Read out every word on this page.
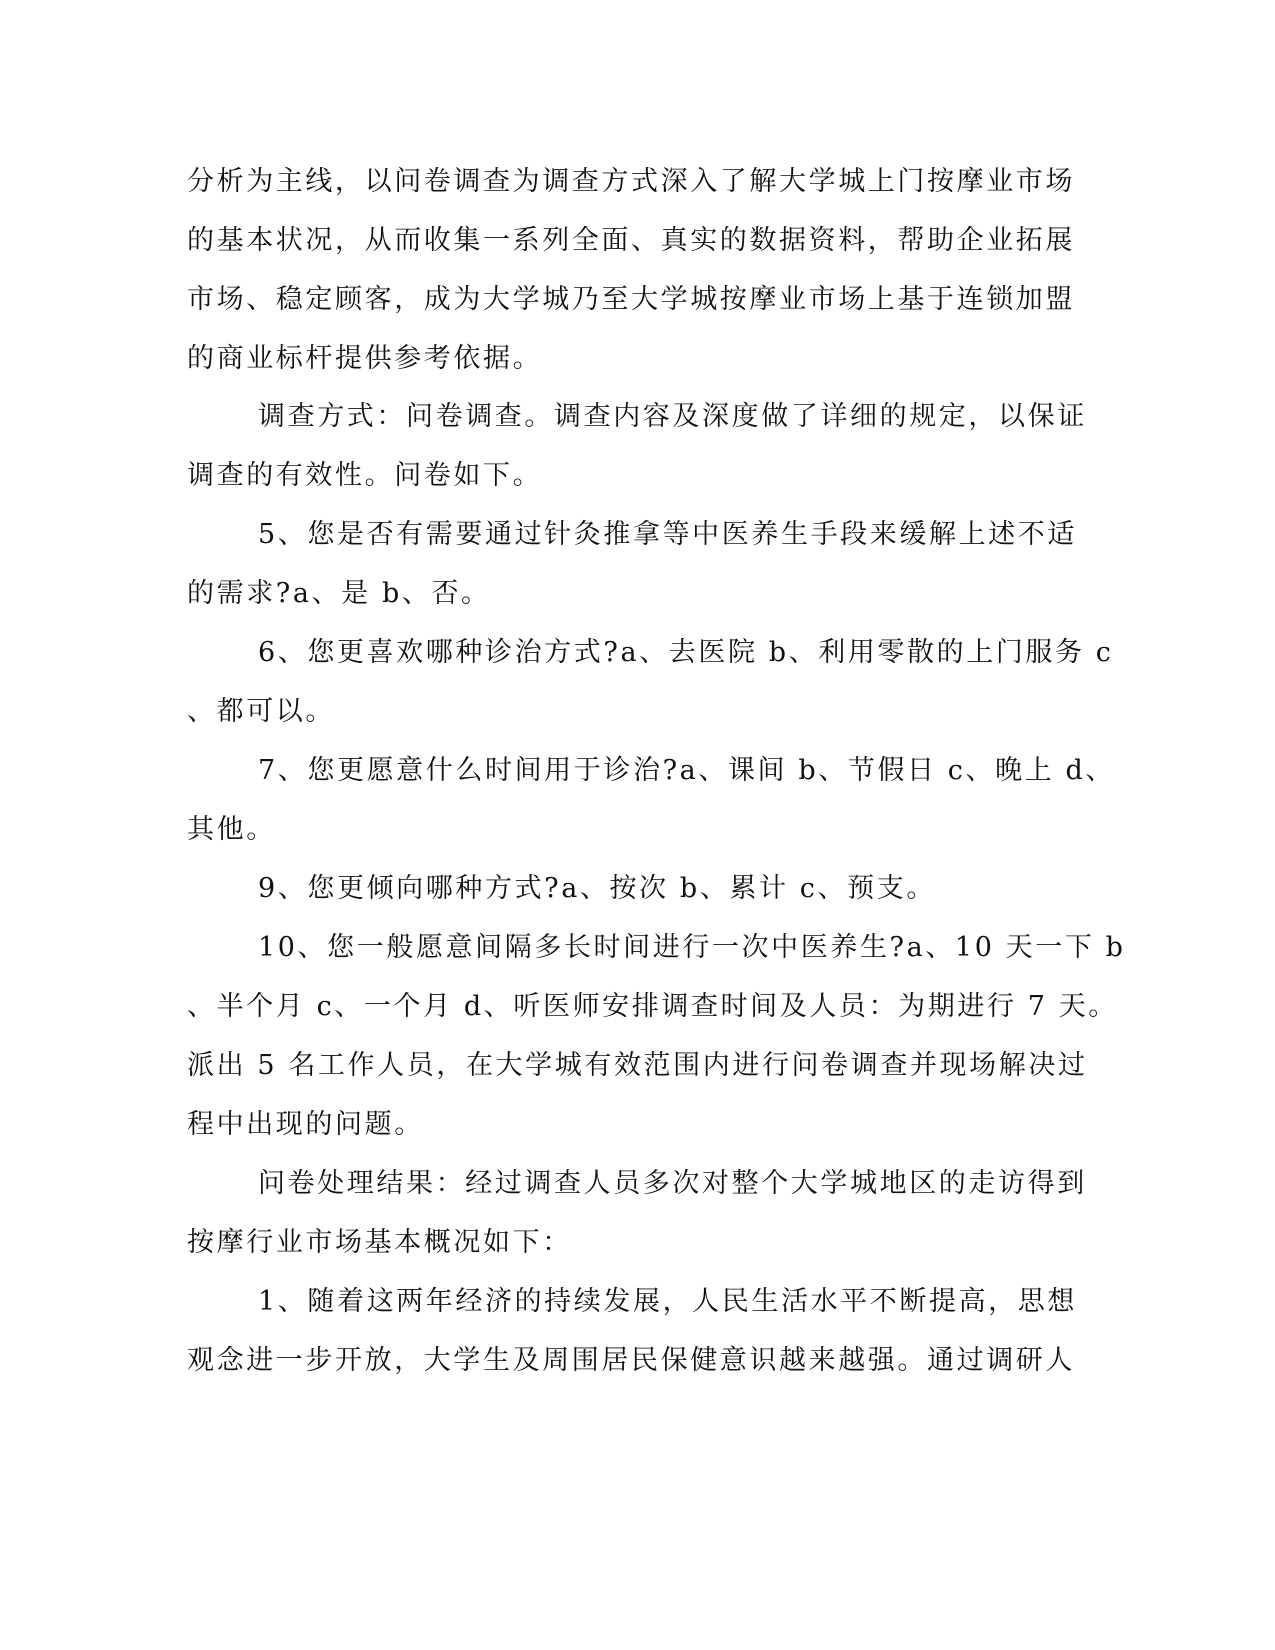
分析为主线，以问卷调查为调查方式深入了解大学城上门按摩业市场
的基本状况，从而收集一系列全面、真实的数据资料，帮助企业拓展
市场、稳定顾客，成为大学城乃至大学城按摩业市场上基于连锁加盟
的商业标杆提供参考依据。
调查方式：问卷调查。调查内容及深度做了详细的规定，以保证
调查的有效性。问卷如下。
5、您是否有需要通过针灸推拿等中医养生手段来缓解上述不适
的需求?a、是 b、否。
6、您更喜欢哪种诊治方式?a、去医院 b、利用零散的上门服务 c
、都可以。
7、您更愿意什么时间用于诊治?a、课间 b、节假日 c、晚上 d、
其他。
9、您更倾向哪种方式?a、按次 b、累计 c、预支。
10、您一般愿意间隔多长时间进行一次中医养生?a、10 天一下 b
、半个月 c、一个月 d、听医师安排调查时间及人员：为期进行 7 天。
派出 5 名工作人员，在大学城有效范围内进行问卷调查并现场解决过
程中出现的问题。
问卷处理结果：经过调查人员多次对整个大学城地区的走访得到
按摩行业市场基本概况如下：
1、随着这两年经济的持续发展，人民生活水平不断提高，思想
观念进一步开放，大学生及周围居民保健意识越来越强。通过调研人
